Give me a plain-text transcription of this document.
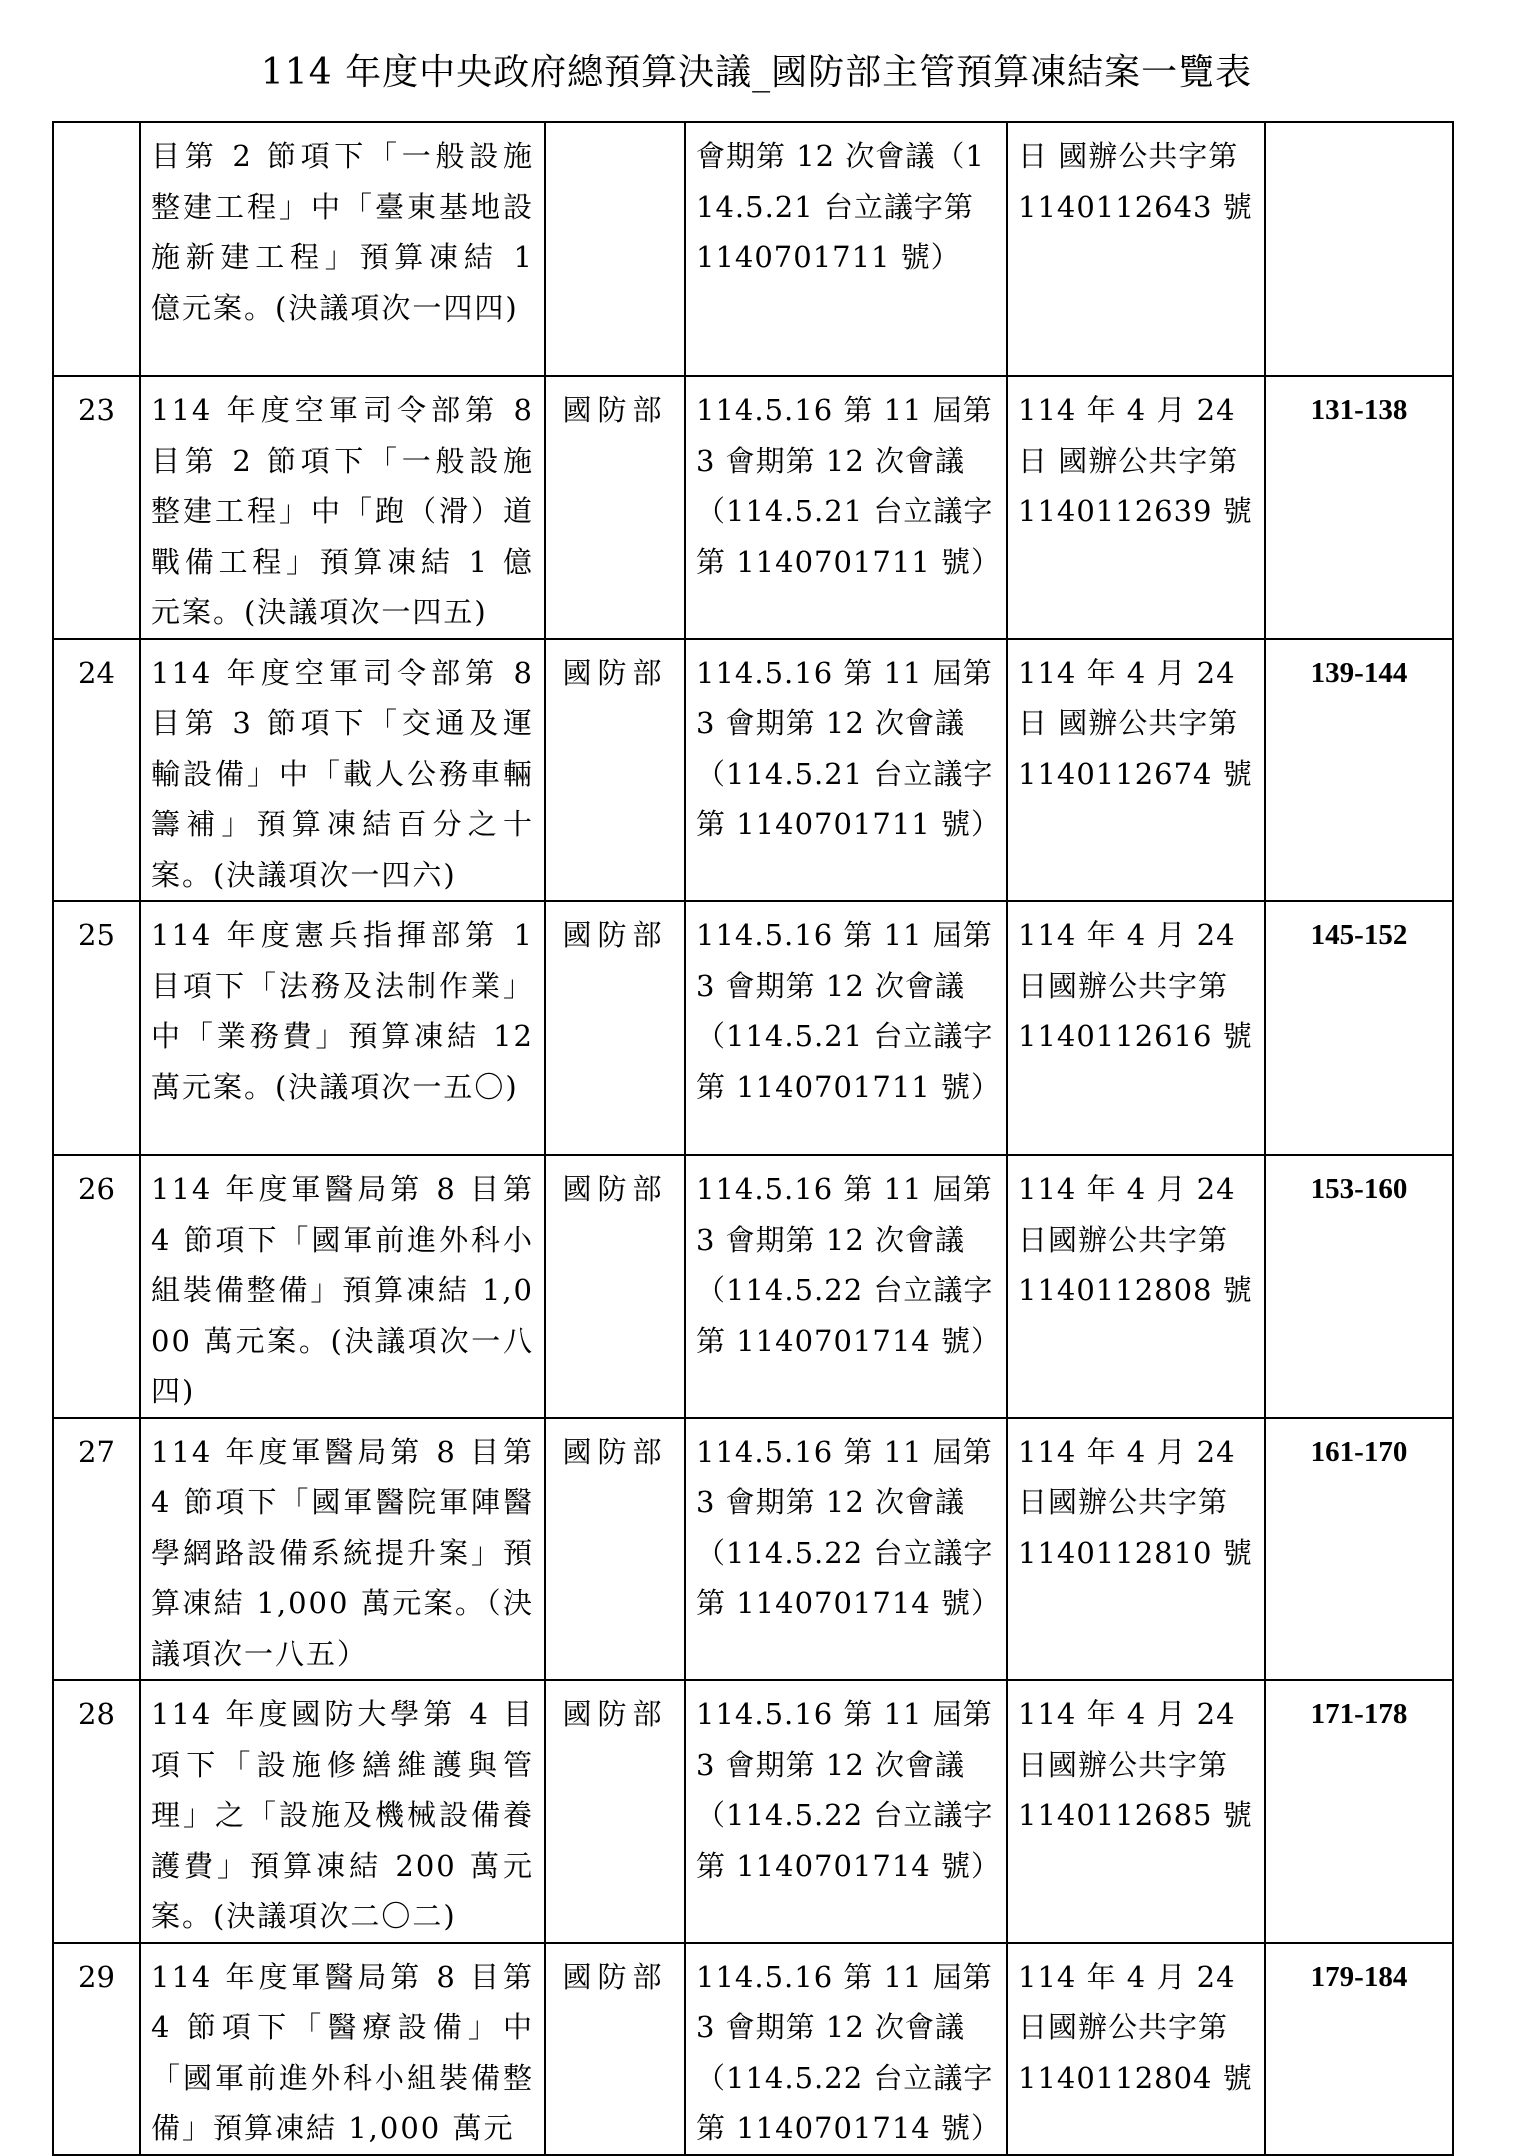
114 年度中央政府總預算決議_國防部主管預算凍結案一覽表
	目第 2 節項下「一般設施整建工程」中「臺東基地設施新建工程」預算凍結 1 億元案。(決議項次一四四)		會期第 12 次會議（114.5.21 台立議字第 1140701711 號）	日 國辦公共字第 1140112643 號	
23	114 年度空軍司令部第 8 目第 2 節項下「一般設施整建工程」中「跑（滑）道戰備工程」預算凍結 1 億元案。(決議項次一四五)	國防部	114.5.16 第 11 屆第 3 會期第 12 次會議（114.5.21 台立議字第 1140701711 號）	114 年 4 月 24 日 國辦公共字第 1140112639 號	131-138
24	114 年度空軍司令部第 8 目第 3 節項下「交通及運輸設備」中「載人公務車輛籌補」預算凍結百分之十案。(決議項次一四六)	國防部	114.5.16 第 11 屆第 3 會期第 12 次會議（114.5.21 台立議字第 1140701711 號）	114 年 4 月 24 日 國辦公共字第 1140112674 號	139-144
25	114 年度憲兵指揮部第 1 目項下「法務及法制作業」中「業務費」預算凍結 12 萬元案。(決議項次一五〇)	國防部	114.5.16 第 11 屆第 3 會期第 12 次會議（114.5.21 台立議字第 1140701711 號）	114 年 4 月 24 日國辦公共字第 1140112616 號	145-152
26	114 年度軍醫局第 8 目第 4 節項下「國軍前進外科小組裝備整備」預算凍結 1,000 萬元案。(決議項次一八四)	國防部	114.5.16 第 11 屆第 3 會期第 12 次會議（114.5.22 台立議字第 1140701714 號）	114 年 4 月 24 日國辦公共字第 1140112808 號	153-160
27	114 年度軍醫局第 8 目第 4 節項下「國軍醫院軍陣醫學網路設備系統提升案」預算凍結 1,000 萬元案。（決議項次一八五）	國防部	114.5.16 第 11 屆第 3 會期第 12 次會議（114.5.22 台立議字第 1140701714 號）	114 年 4 月 24 日國辦公共字第 1140112810 號	161-170
28	114 年度國防大學第 4 目項下「設施修繕維護與管理」之「設施及機械設備養護費」預算凍結 200 萬元案。(決議項次二〇二)	國防部	114.5.16 第 11 屆第 3 會期第 12 次會議（114.5.22 台立議字第 1140701714 號）	114 年 4 月 24 日國辦公共字第 1140112685 號	171-178
29	114 年度軍醫局第 8 目第 4 節項下「醫療設備」中「國軍前進外科小組裝備整備」預算凍結 1,000 萬元	國防部	114.5.16 第 11 屆第 3 會期第 12 次會議（114.5.22 台立議字第 1140701714 號）	114 年 4 月 24 日國辦公共字第 1140112804 號	179-184
